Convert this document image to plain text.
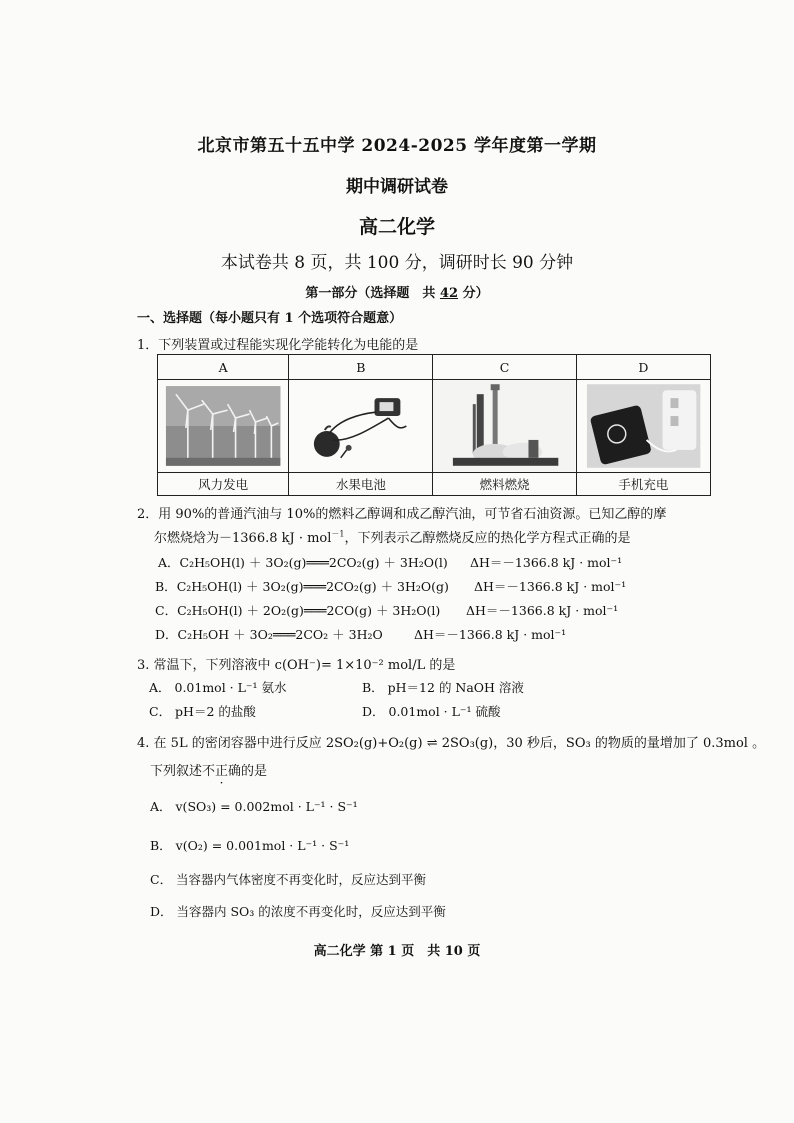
北京市第五十五中学 2024-2025 学年度第一学期
期中调研试卷
高二化学
本试卷共 8 页，共 100 分，调研时长 90 分钟
第一部分（选择题　共 42 分）
一、选择题（每小题只有 1 个选项符合题意）
1．下列装置或过程能实现化学能转化为电能的是
A	B	C	D

风力发电	水果电池	燃料燃烧	手机充电
2．用 90%的普通汽油与 10%的燃料乙醇调和成乙醇汽油，可节省石油资源。已知乙醇的摩
尔燃烧焓为－1366.8 kJ · mol$^{-1}$，下列表示乙醇燃烧反应的热化学方程式正确的是
A．C₂H₅OH(l) ＋ 3O₂(g)═══2CO₂(g) ＋ 3H₂O(l) ΔH＝－1366.8 kJ · mol⁻¹
B．C₂H₅OH(l) ＋ 3O₂(g)═══2CO₂(g) ＋ 3H₂O(g) ΔH＝－1366.8 kJ · mol⁻¹
C．C₂H₅OH(l) ＋ 2O₂(g)═══2CO(g) ＋ 3H₂O(l) ΔH＝－1366.8 kJ · mol⁻¹
D．C₂H₅OH ＋ 3O₂═══2CO₂ ＋ 3H₂O	ΔH＝－1366.8 kJ · mol⁻¹
3. 常温下，下列溶液中 c(OH⁻)= 1×10⁻² mol/L 的是
A． 0.01mol · L⁻¹ 氨水	B． pH＝12 的 NaOH 溶液
C． pH＝2 的盐酸	D． 0.01mol · L⁻¹ 硫酸
4. 在 5L 的密闭容器中进行反应 2SO₂(g)+O₂(g) ⇌ 2SO₃(g)，30 秒后，SO₃ 的物质的量增加了 0.3mol 。
下列叙述不正确的是
A． v(SO₃) = 0.002mol · L⁻¹ · S⁻¹
B． v(O₂) = 0.001mol · L⁻¹ · S⁻¹
C． 当容器内气体密度不再变化时，反应达到平衡
D． 当容器内 SO₃ 的浓度不再变化时，反应达到平衡
高二化学 第 1 页　共 10 页
